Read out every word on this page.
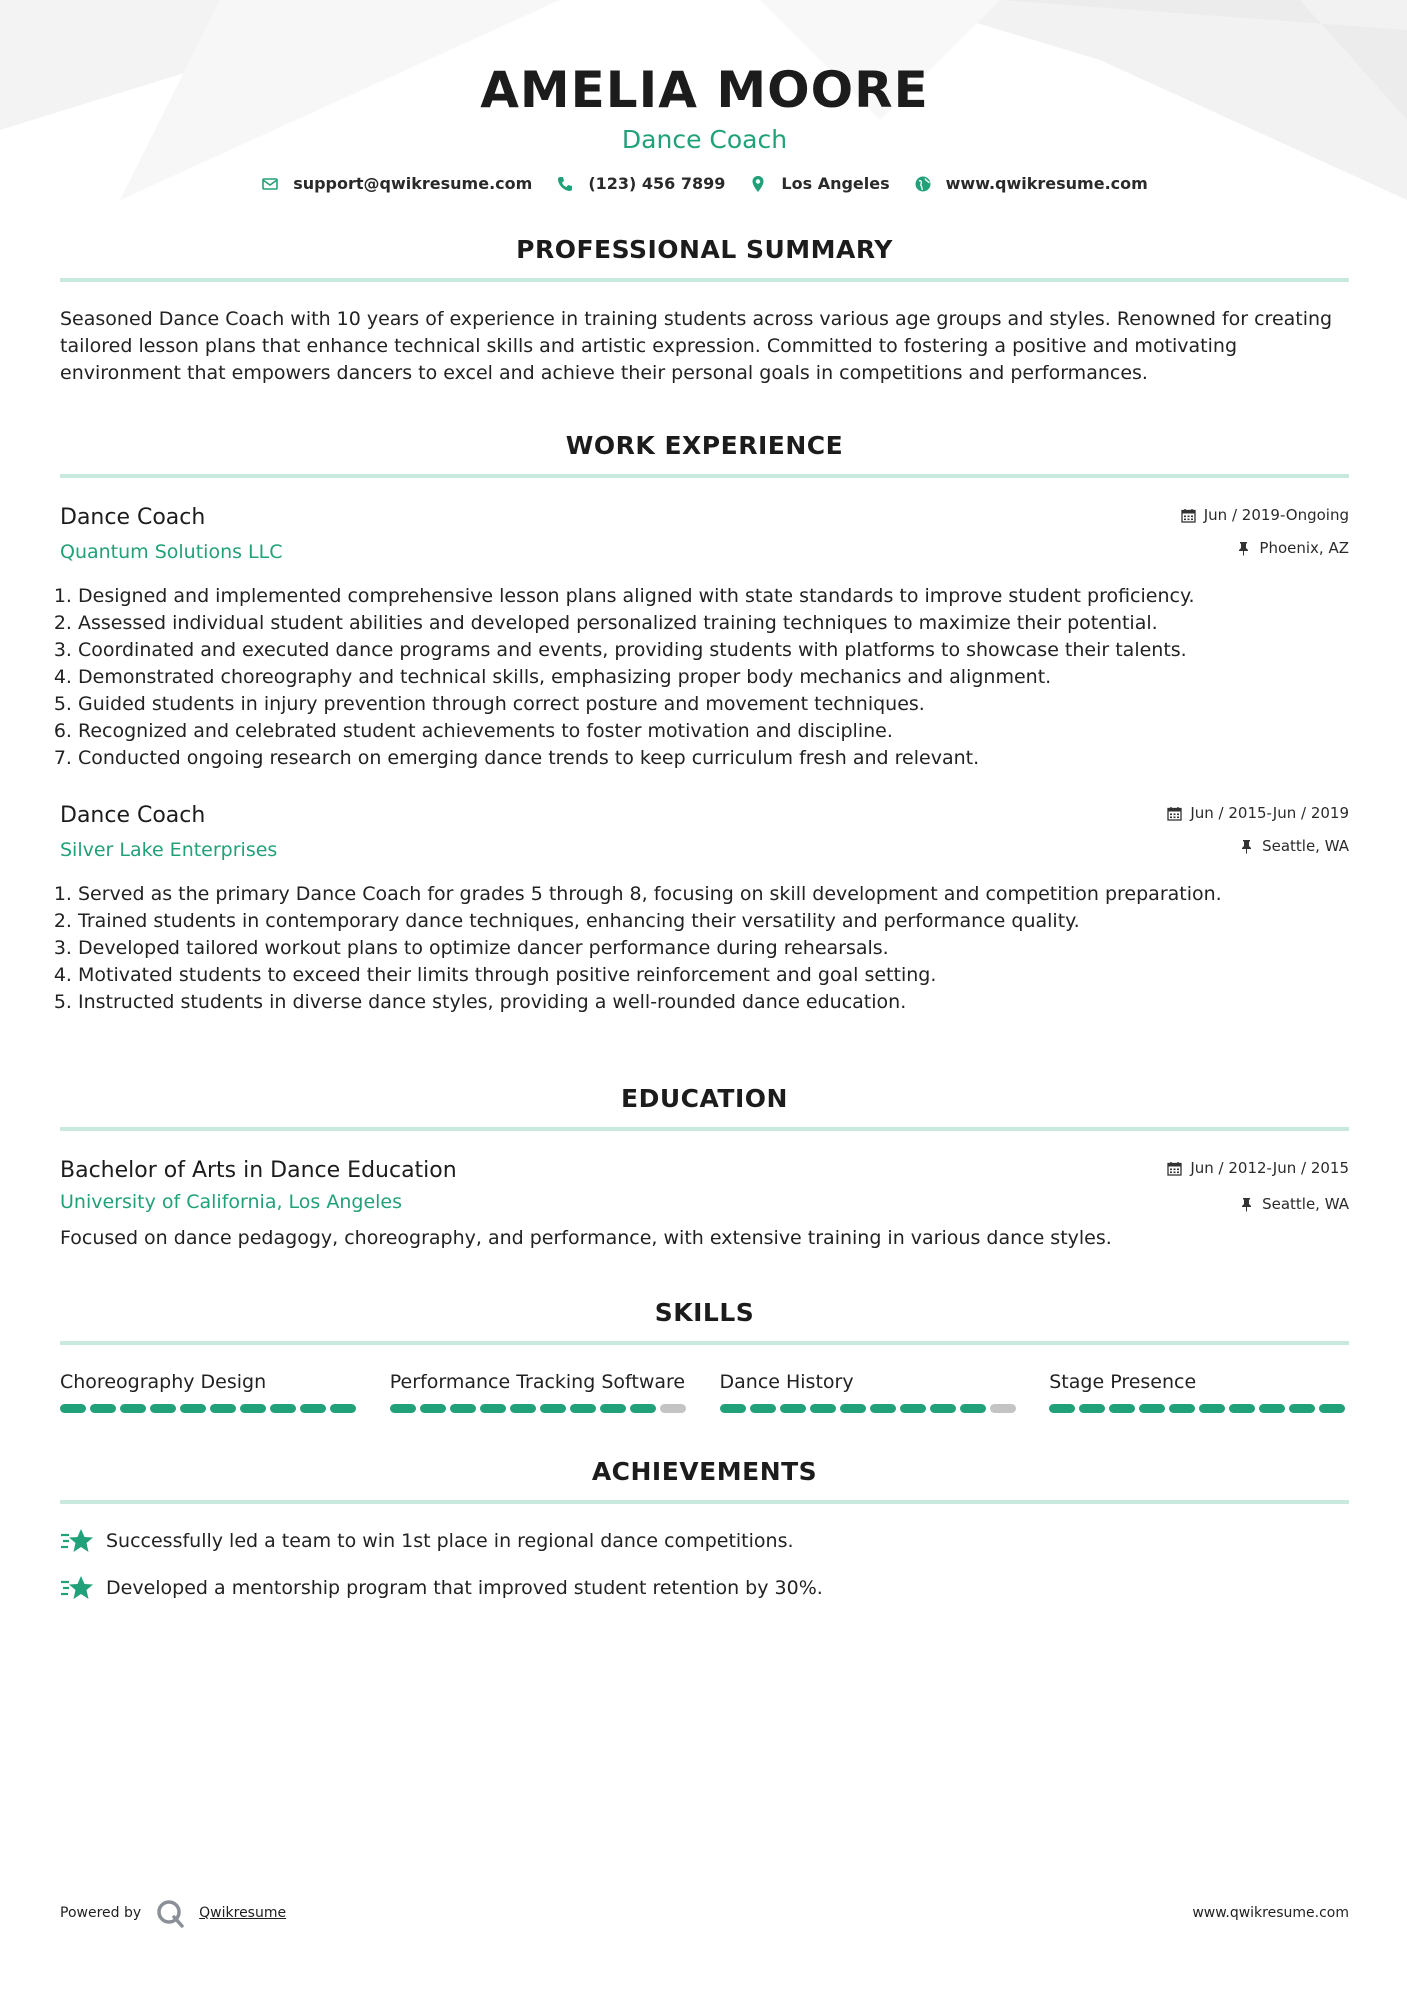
AMELIA MOORE
Dance Coach
support@qwikresume.com	(123) 456 7899	Los Angeles	www.qwikresume.com
PROFESSIONAL SUMMARY
Seasoned Dance Coach with 10 years of experience in training students across various age groups and styles. Renowned for creating tailored lesson plans that enhance technical skills and artistic expression. Committed to fostering a positive and motivating environment that empowers dancers to excel and achieve their personal goals in competitions and performances.
WORK EXPERIENCE
Dance Coach
Quantum Solutions LLC
Jun / 2019-Ongoing
Phoenix, AZ
1. Designed and implemented comprehensive lesson plans aligned with state standards to improve student proficiency.
2. Assessed individual student abilities and developed personalized training techniques to maximize their potential.
3. Coordinated and executed dance programs and events, providing students with platforms to showcase their talents.
4. Demonstrated choreography and technical skills, emphasizing proper body mechanics and alignment.
5. Guided students in injury prevention through correct posture and movement techniques.
6. Recognized and celebrated student achievements to foster motivation and discipline.
7. Conducted ongoing research on emerging dance trends to keep curriculum fresh and relevant.
Dance Coach
Silver Lake Enterprises
Jun / 2015-Jun / 2019
Seattle, WA
1. Served as the primary Dance Coach for grades 5 through 8, focusing on skill development and competition preparation.
2. Trained students in contemporary dance techniques, enhancing their versatility and performance quality.
3. Developed tailored workout plans to optimize dancer performance during rehearsals.
4. Motivated students to exceed their limits through positive reinforcement and goal setting.
5. Instructed students in diverse dance styles, providing a well-rounded dance education.
EDUCATION
Bachelor of Arts in Dance Education
University of California, Los Angeles
Jun / 2012-Jun / 2015
Seattle, WA
Focused on dance pedagogy, choreography, and performance, with extensive training in various dance styles.
SKILLS
Choreography Design	Performance Tracking Software Dance History	Stage Presence
ACHIEVEMENTS
Successfully led a team to win 1st place in regional dance competitions.
Developed a mentorship program that improved student retention by 30%.
Powered by	Qwikresume	www.qwikresume.com
